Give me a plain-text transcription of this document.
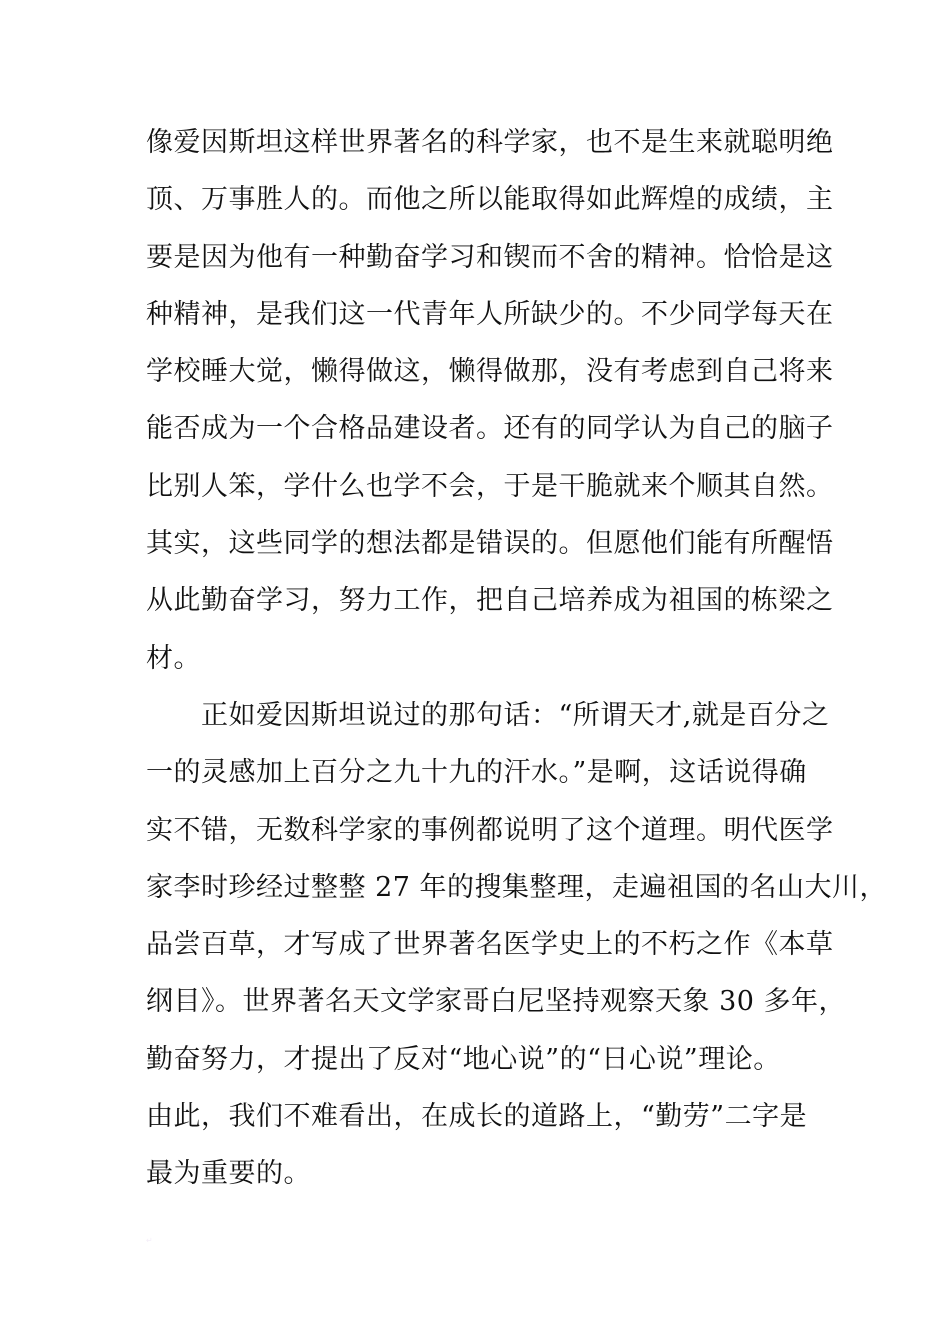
像爱因斯坦这样世界著名的科学家，也不是生来就聪明绝
顶、万事胜人的。而他之所以能取得如此辉煌的成绩，主
要是因为他有一种勤奋学习和锲而不舍的精神。恰恰是这
种精神，是我们这一代青年人所缺少的。不少同学每天在
学校睡大觉，懒得做这，懒得做那，没有考虑到自己将来
能否成为一个合格品建设者。还有的同学认为自己的脑子
比别人笨，学什么也学不会，于是干脆就来个顺其自然。
其实，这些同学的想法都是错误的。但愿他们能有所醒悟
从此勤奋学习，努力工作，把自己培养成为祖国的栋梁之
材。
正如爱因斯坦说过的那句话：“所谓天才,就是百分之
一的灵感加上百分之九十九的汗水。”是啊，这话说得确
实不错，无数科学家的事例都说明了这个道理。明代医学
家李时珍经过整整 27 年的搜集整理，走遍祖国的名山大川，
品尝百草，才写成了世界著名医学史上的不朽之作《本草
纲目》。世界著名天文学家哥白尼坚持观察天象 30 多年，
勤奋努力，才提出了反对“地心说”的“日心说”理论。
由此，我们不难看出，在成长的道路上，“勤劳”二字是
最为重要的。
↵
